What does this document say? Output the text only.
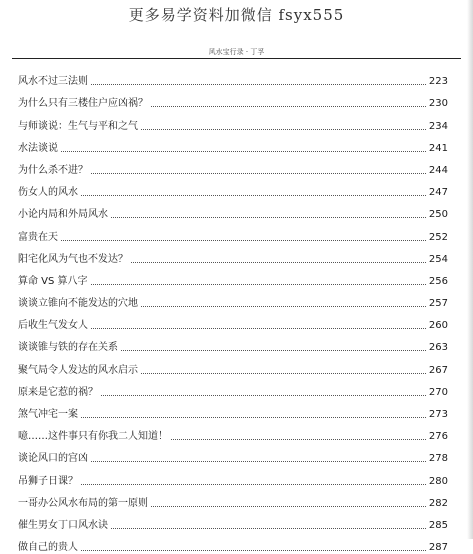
更多易学资料加微信 fsyx555
风水宝行录 · 丁孚
风水不过三法则	223
为什么只有三楼住户应凶祸？	230
与师谈说：生气与平和之气	234
水法谈说	241
为什么杀不进？	244
伤女人的风水	247
小论内局和外局风水	250
富贵在天	252
阳宅化风为气也不发达？	254
算命 VS 算八字	256
谈谈立锥向不能发达的穴地	257
后收生气发女人	260
谈谈锥与铁的存在关系	263
聚气局令人发达的风水启示	267
原来是它惹的祸？	270
煞气冲宅一案	273
噫……这件事只有你我二人知道！	276
谈论风口的宫凶	278
吊狮子日课？	280
一哥办公风水布局的第一原则	282
催生男女丁口风水诀	285
做自己的贵人	287
